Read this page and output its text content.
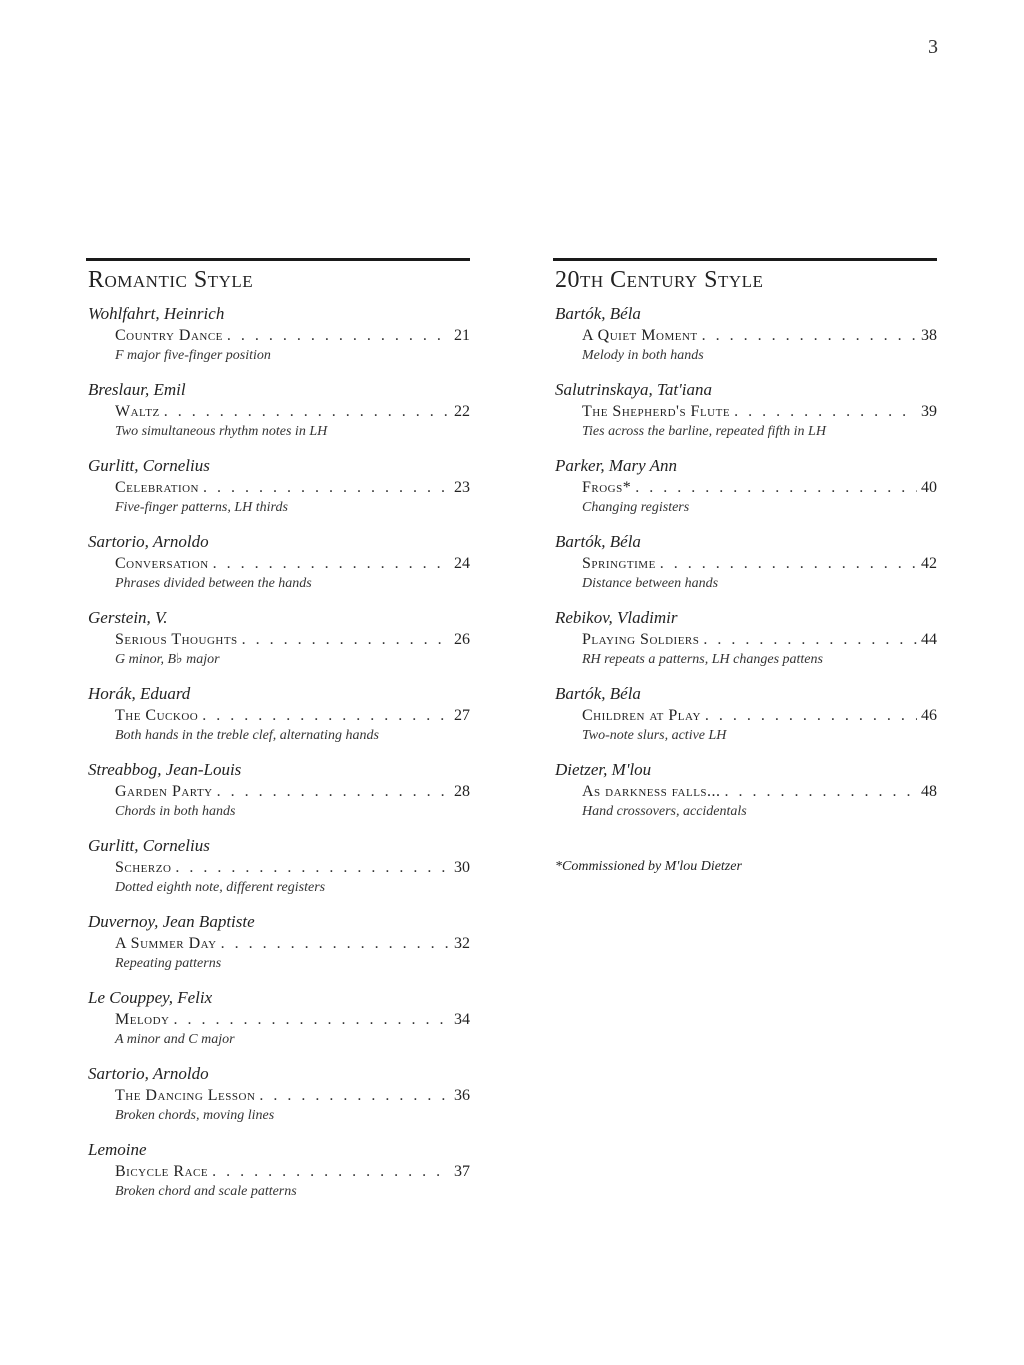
3
Romantic Style
Wohlfahrt, Heinrich
Country Dance . . .	21
F major five-finger position
Breslaur, Emil
Waltz . . .	22
Two simultaneous rhythm notes in LH
Gurlitt, Cornelius
Celebration . . .	23
Five-finger patterns, LH thirds
Sartorio, Arnoldo
Conversation . . .	24
Phrases divided between the hands
Gerstein, V.
Serious Thoughts . . .	26
G minor, B♭ major
Horák, Eduard
The Cuckoo . . .	27
Both hands in the treble clef, alternating hands
Streabbog, Jean-Louis
Garden Party . . .	28
Chords in both hands
Gurlitt, Cornelius
Scherzo . . .	30
Dotted eighth note, different registers
Duvernoy, Jean Baptiste
A Summer Day . . .	32
Repeating patterns
Le Couppey, Felix
Melody . . .	34
A minor and C major
Sartorio, Arnoldo
The Dancing Lesson . . .	36
Broken chords, moving lines
Lemoine
Bicycle Race . . .	37
Broken chord and scale patterns
20th Century Style
Bartók, Béla
A Quiet Moment . . .	38
Melody in both hands
Salutrinskaya, Tat'iana
The Shepherd's Flute . . .	39
Ties across the barline, repeated fifth in LH
Parker, Mary Ann
Frogs* . . .	40
Changing registers
Bartók, Béla
Springtime . . .	42
Distance between hands
Rebikov, Vladimir
Playing Soldiers . . .	44
RH repeats a patterns, LH changes pattens
Bartók, Béla
Children at Play . . .	46
Two-note slurs, active LH
Dietzer, M'lou
As darkness falls... . . .	48
Hand crossovers, accidentals
*Commissioned by M'lou Dietzer
